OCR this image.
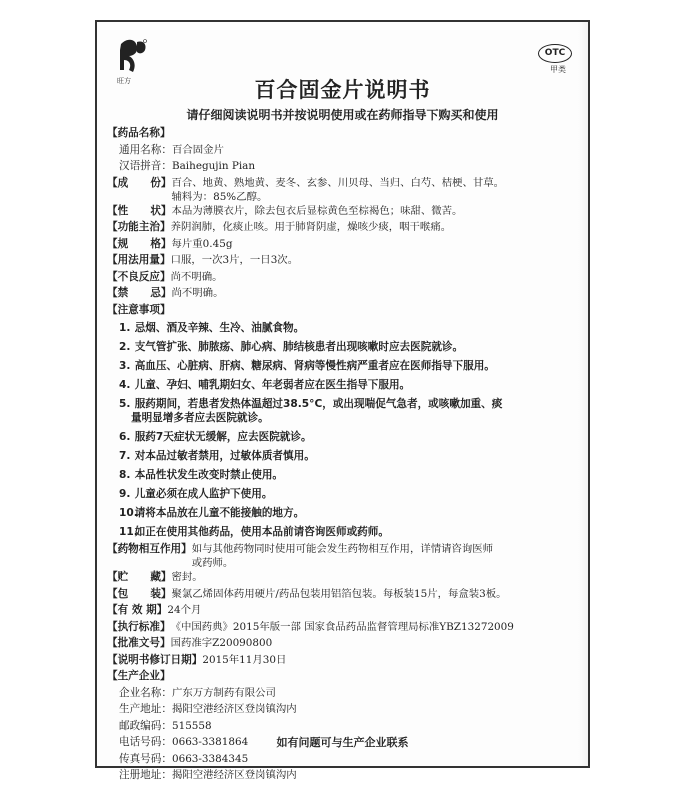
旺方
OTC
甲类
百合固金片说明书
请仔细阅读说明书并按说明使用或在药师指导下购买和使用
【药品名称】
通用名称： 百合固金片
汉语拼音： Baihegujin Pian
【成      份】 百合、地黄、熟地黄、麦冬、玄参、川贝母、当归、白芍、桔梗、甘草。
辅料为：85%乙醇。
【性      状】 本品为薄膜衣片，除去包衣后显棕黄色至棕褐色；味甜、微苦。
【功能主治】 养阴润肺，化痰止咳。用于肺肾阴虚，燥咳少痰，咽干喉痛。
【规      格】 每片重0.45g
【用法用量】 口服，一次3片，一日3次。
【不良反应】 尚不明确。
【禁      忌】 尚不明确。
【注意事项】
1. 忌烟、酒及辛辣、生冷、油腻食物。
2. 支气管扩张、肺脓疡、肺心病、肺结核患者出现咳嗽时应去医院就诊。
3. 高血压、心脏病、肝病、糖尿病、肾病等慢性病严重者应在医师指导下服用。
4. 儿童、孕妇、哺乳期妇女、年老弱者应在医生指导下服用。
5. 服药期间，若患者发热体温超过38.5°C，或出现喘促气急者，或咳嗽加重、痰
量明显增多者应去医院就诊。
6. 服药7天症状无缓解，应去医院就诊。
7. 对本品过敏者禁用，过敏体质者慎用。
8. 本品性状发生改变时禁止使用。
9. 儿童必须在成人监护下使用。
10. 请将本品放在儿童不能接触的地方。
11. 如正在使用其他药品，使用本品前请咨询医师或药师。
【药物相互作用】 如与其他药物同时使用可能会发生药物相互作用，详情请咨询医师
或药师。
【贮      藏】 密封。
【包      装】 聚氯乙烯固体药用硬片/药品包装用铝箔包装。每板装15片，每盒装3板。
【有 效 期】 24个月
【执行标准】 《中国药典》2015年版一部 国家食品药品监督管理局标准YBZ13272009
【批准文号】 国药准字Z20090800
【说明书修订日期】 2015年11月30日
【生产企业】
企业名称： 广东万方制药有限公司
生产地址： 揭阳空港经济区登岗镇沟内
邮政编码： 515558
电话号码： 0663-3381864
传真号码： 0663-3384345
注册地址： 揭阳空港经济区登岗镇沟内
如有问题可与生产企业联系
